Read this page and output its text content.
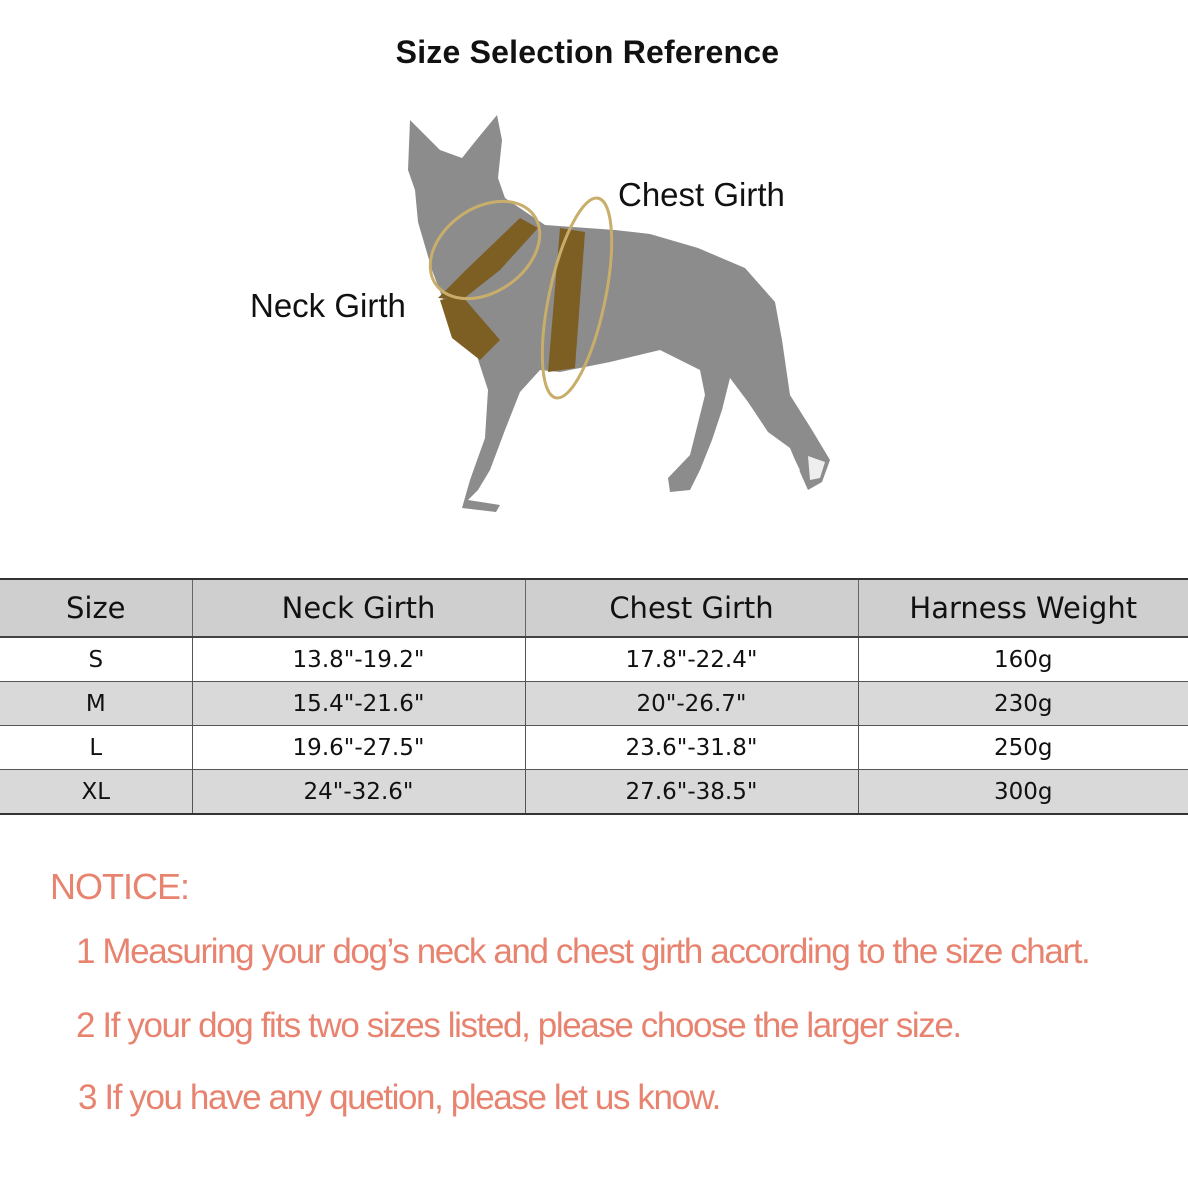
Size Selection Reference
Chest Girth
Neck Girth
Size	Neck Girth	Chest Girth	Harness Weight
S	13.8"-19.2"	17.8"-22.4"	160g
M	15.4"-21.6"	20"-26.7"	230g
L	19.6"-27.5"	23.6"-31.8"	250g
XL	24"-32.6"	27.6"-38.5"	300g
NOTICE:
1 Measuring your dog’s neck and chest girth according to the size chart.
2 If your dog fits two sizes listed, please choose the larger size.
3 If you have any quetion, please let us know.
